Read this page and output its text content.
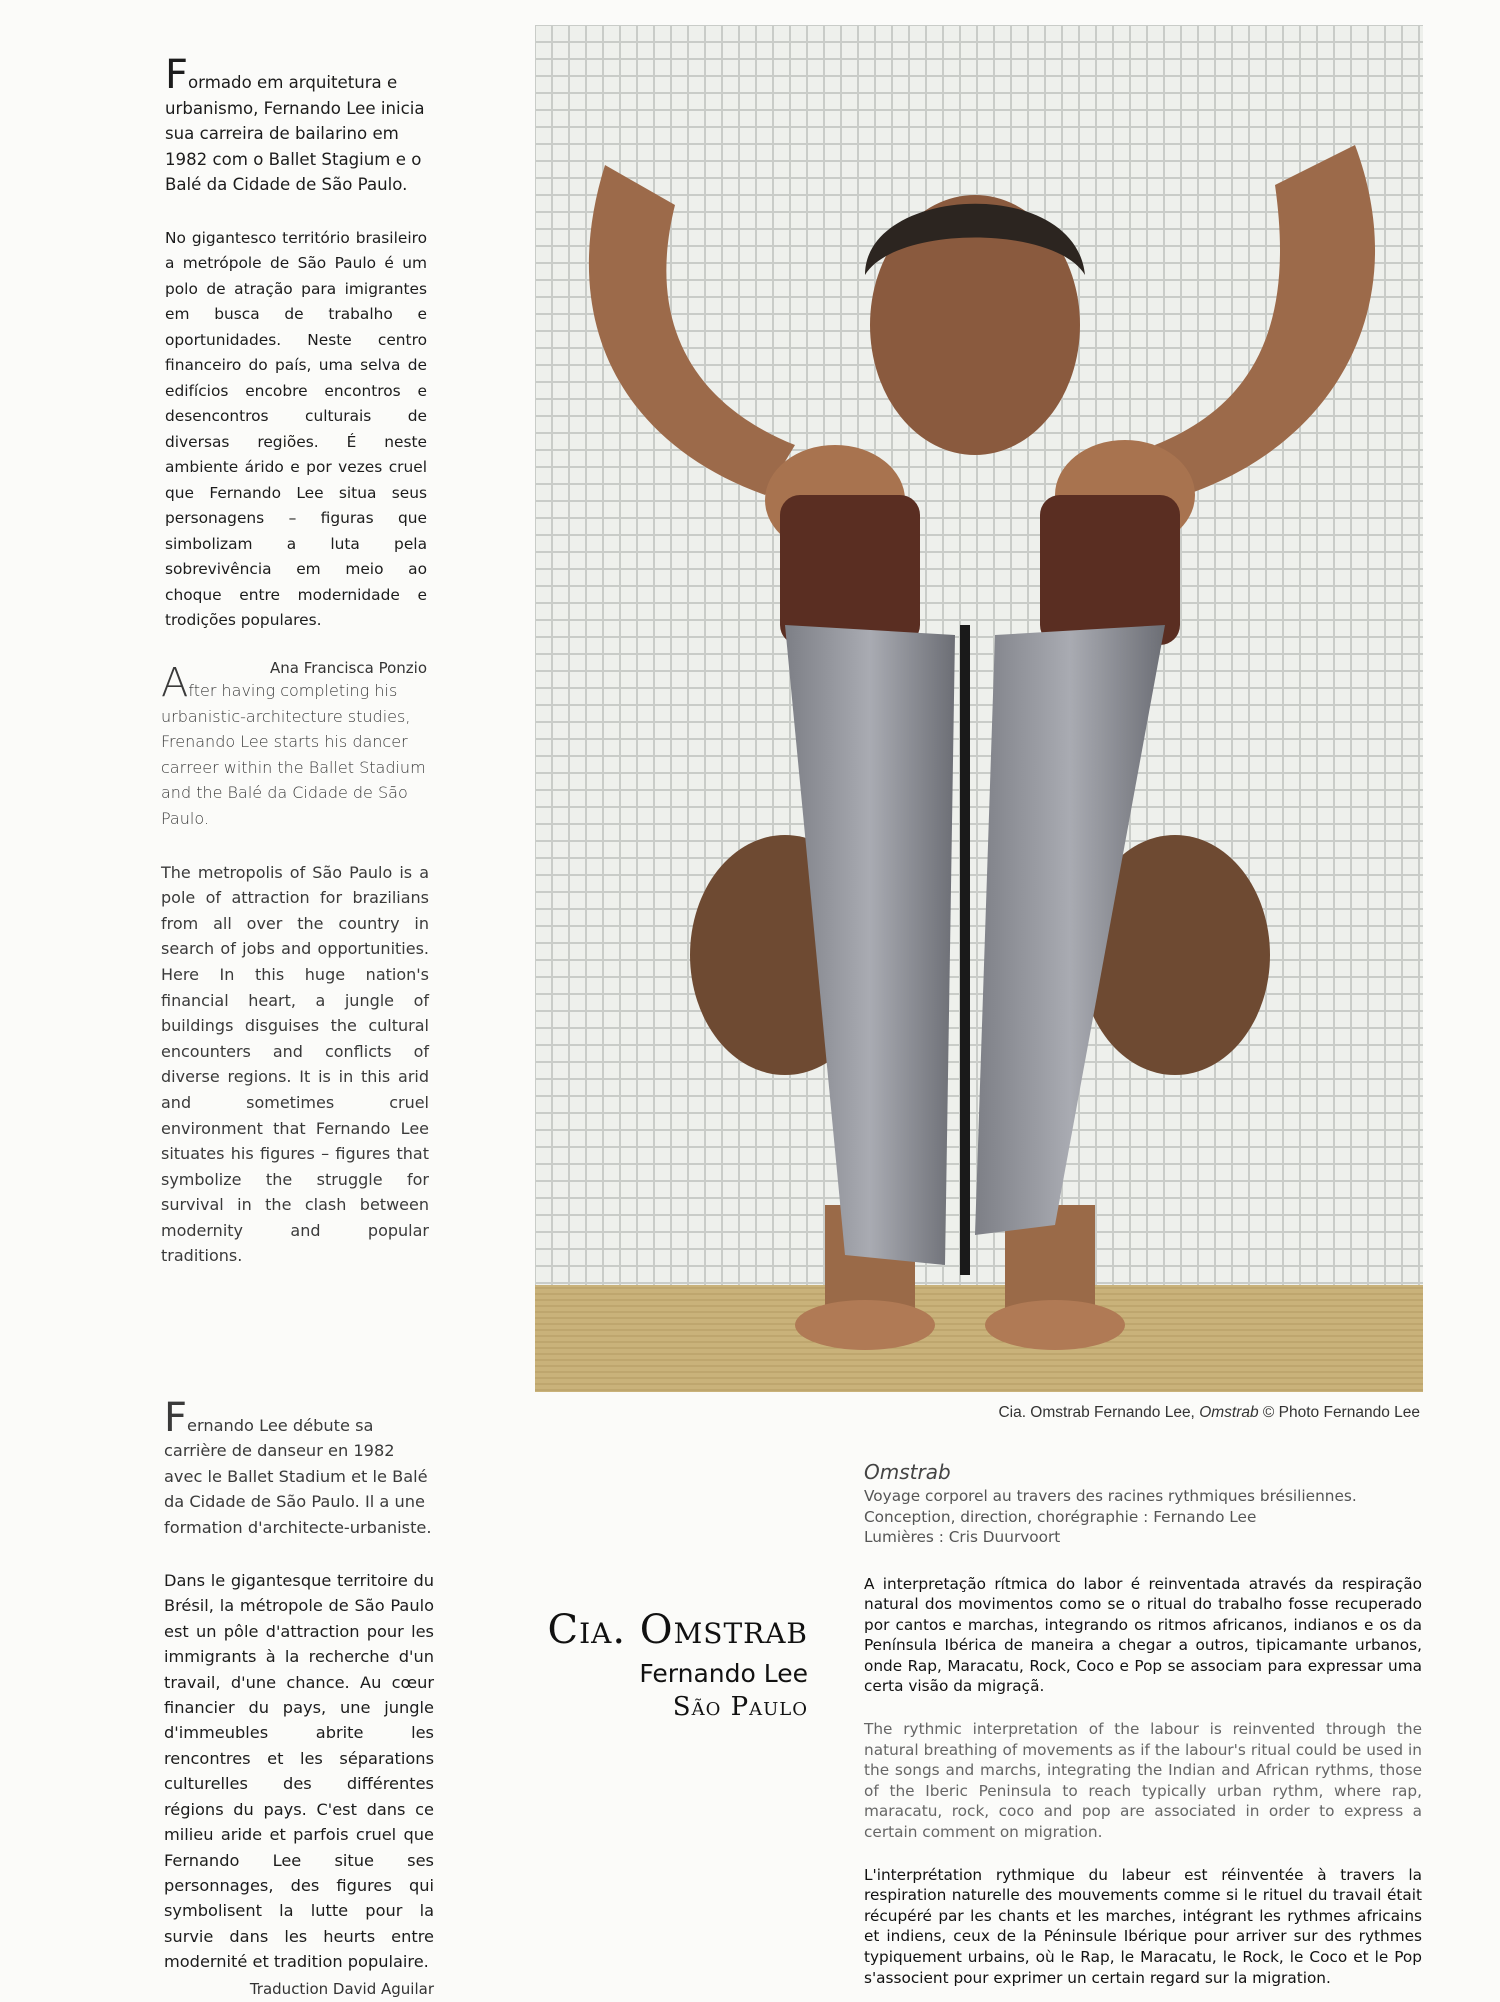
Formado em arquitetura e urbanismo, Fernando Lee inicia sua carreira de bailarino em 1982 com o Ballet Stagium e o Balé da Cidade de São Paulo.

No gigantesco território brasileiro a metrópole de São Paulo é um polo de atração para imigrantes em busca de trabalho e oportunidades. Neste centro financeiro do país, uma selva de edifícios encobre encontros e desencontros culturais de diversas regiões. É neste ambiente árido e por vezes cruel que Fernando Lee situa seus personagens – figuras que simbolizam a luta pela sobrevivência em meio ao choque entre modernidade e trodições populares.

Ana Francisca Ponzio

After having completing his urbanistic-architecture studies, Frenando Lee starts his dancer carreer within the Ballet Stadium and the Balé da Cidade de São Paulo.

The metropolis of São Paulo is a pole of attraction for brazilians from all over the country in search of jobs and opportunities. Here In this huge nation's financial heart, a jungle of buildings disguises the cultural encounters and conflicts of diverse regions. It is in this arid and sometimes cruel environment that Fernando Lee situates his figures – figures that symbolize the struggle for survival in the clash between modernity and popular traditions.

Fernando Lee débute sa carrière de danseur en 1982 avec le Ballet Stadium et le Balé da Cidade de São Paulo. Il a une formation d'architecte-urbaniste.

Dans le gigantesque territoire du Brésil, la métropole de São Paulo est un pôle d'attraction pour les immigrants à la recherche d'un travail, d'une chance. Au cœur financier du pays, une jungle d'immeubles abrite les rencontres et les séparations culturelles des différentes régions du pays. C'est dans ce milieu aride et parfois cruel que Fernando Lee situe ses personnages, des figures qui symbolisent la lutte pour la survie dans les heurts entre modernité et tradition populaire.

Traduction David Aguilar
Cia. Omstrab Fernando Lee, Omstrab © Photo Fernando Lee
Cia. Omstrab
Fernando Lee
São Paulo

Omstrab

Voyage corporel au travers des racines rythmiques brésiliennes.
Conception, direction, chorégraphie : Fernando Lee
Lumières : Cris Duurvoort

A interpretação rítmica do labor é reinventada através da respiração natural dos movimentos como se o ritual do trabalho fosse recuperado por cantos e marchas, integrando os ritmos africanos, indianos e os da Península Ibérica de maneira a chegar a outros, tipicamante urbanos, onde Rap, Maracatu, Rock, Coco e Pop se associam para expressar uma certa visão da migraçã.

The rythmic interpretation of the labour is reinvented through the natural breathing of movements as if the labour's ritual could be used in the songs and marchs, integrating the Indian and African rythms, those of the Iberic Peninsula to reach typically urban rythm, where rap, maracatu, rock, coco and pop are associated in order to express a certain comment on migration.

L'interprétation rythmique du labeur est réinventée à travers la respiration naturelle des mouvements comme si le rituel du travail était récupéré par les chants et les marches, intégrant les rythmes africains et indiens, ceux de la Péninsule Ibérique pour arriver sur des rythmes typiquement urbains, où le Rap, le Maracatu, le Rock, le Coco et le Pop s'associent pour exprimer un certain regard sur la migration.
